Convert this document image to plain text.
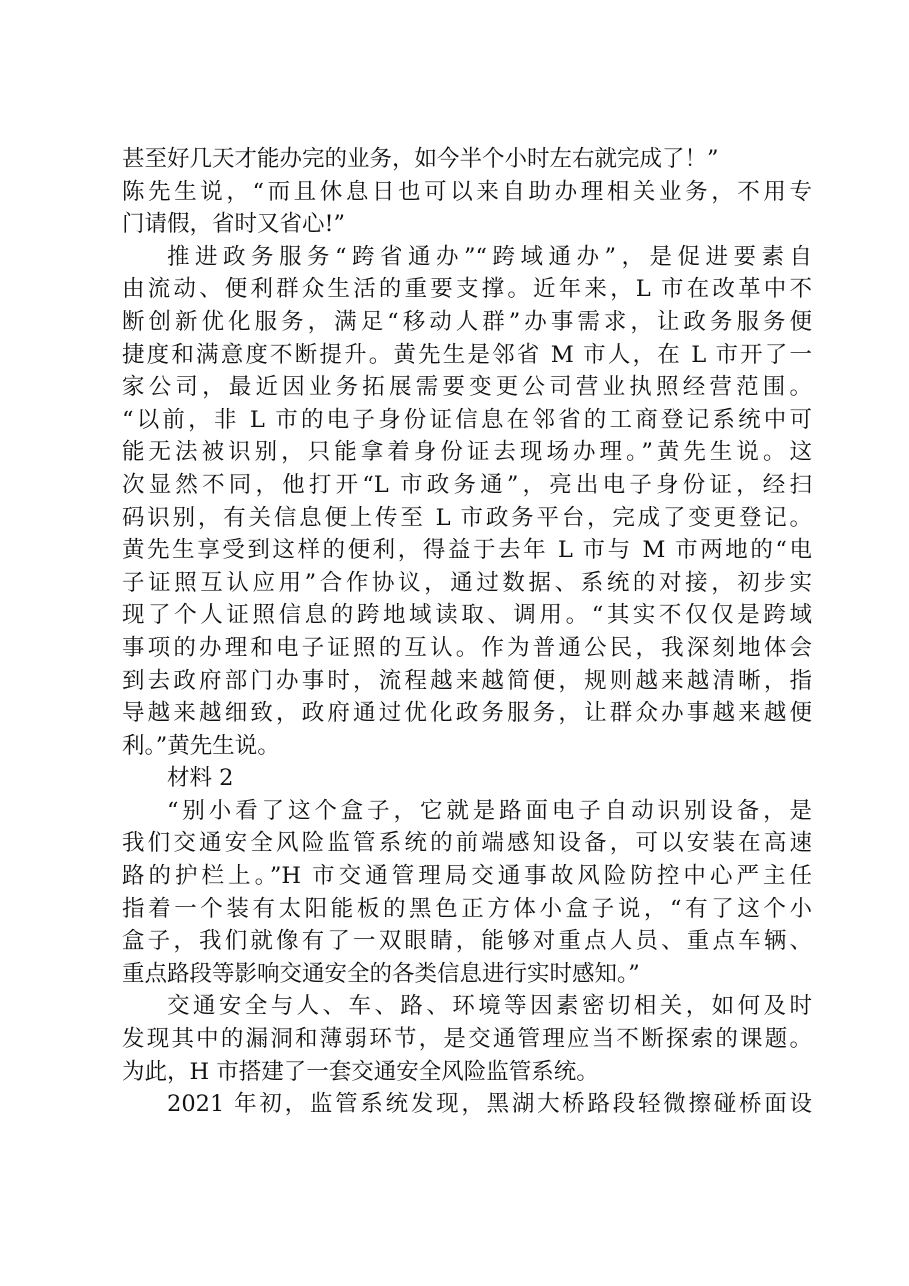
甚至好几天才能办完的业务，如今半个小时左右就完成了！”
陈先生说，“而且休息日也可以来自助办理相关业务，不用专
门请假，省时又省心!”
推进政务服务“跨省通办”“跨域通办”，是促进要素自
由流动、便利群众生活的重要支撑。近年来，L 市在改革中不
断创新优化服务，满足“移动人群”办事需求，让政务服务便
捷度和满意度不断提升。黄先生是邻省 M 市人，在 L 市开了一
家公司，最近因业务拓展需要变更公司营业执照经营范围。
“以前，非 L 市的电子身份证信息在邻省的工商登记系统中可
能无法被识别，只能拿着身份证去现场办理。”黄先生说。这
次显然不同，他打开“L 市政务通”，亮出电子身份证，经扫
码识别，有关信息便上传至 L 市政务平台，完成了变更登记。
黄先生享受到这样的便利，得益于去年 L 市与 M 市两地的“电
子证照互认应用”合作协议，通过数据、系统的对接，初步实
现了个人证照信息的跨地域读取、调用。“其实不仅仅是跨域
事项的办理和电子证照的互认。作为普通公民，我深刻地体会
到去政府部门办事时，流程越来越简便，规则越来越清晰，指
导越来越细致，政府通过优化政务服务，让群众办事越来越便
利。”黄先生说。
材料 2
“别小看了这个盒子，它就是路面电子自动识别设备，是
我们交通安全风险监管系统的前端感知设备，可以安装在高速
路的护栏上。”H 市交通管理局交通事故风险防控中心严主任
指着一个装有太阳能板的黑色正方体小盒子说，“有了这个小
盒子，我们就像有了一双眼睛，能够对重点人员、重点车辆、
重点路段等影响交通安全的各类信息进行实时感知。”
交通安全与人、车、路、环境等因素密切相关，如何及时
发现其中的漏洞和薄弱环节，是交通管理应当不断探索的课题。
为此，H 市搭建了一套交通安全风险监管系统。
2021 年初，监管系统发现，黑湖大桥路段轻微擦碰桥面设
